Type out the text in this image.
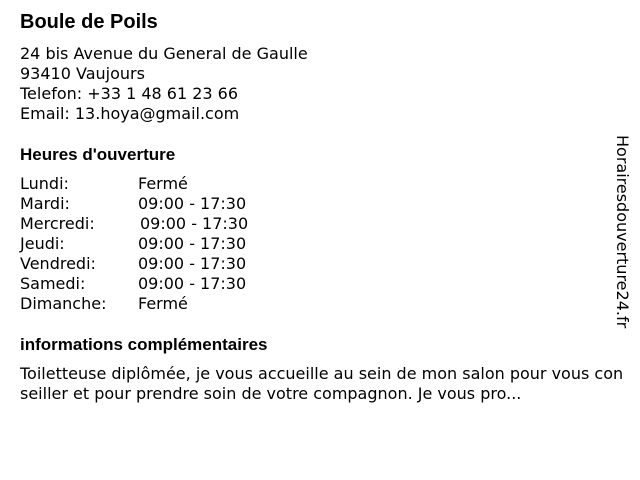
Boule de Poils
24 bis Avenue du General de Gaulle
93410 Vaujours
Telefon: +33 1 48 61 23 66
Email: 13.hoya@gmail.com
Heures d'ouverture
Lundi:	Fermé
Mardi:	09:00 - 17:30
Mercredi:	09:00 - 17:30
Jeudi:	09:00 - 17:30
Vendredi:	09:00 - 17:30
Samedi:	09:00 - 17:30
Dimanche: Fermé
informations complémentaires
Toiletteuse diplômée, je vous accueille au sein de mon salon pour vous conseiller et pour prendre soin de votre compagnon. Je vous pro...
Horairesdouverture24.fr
